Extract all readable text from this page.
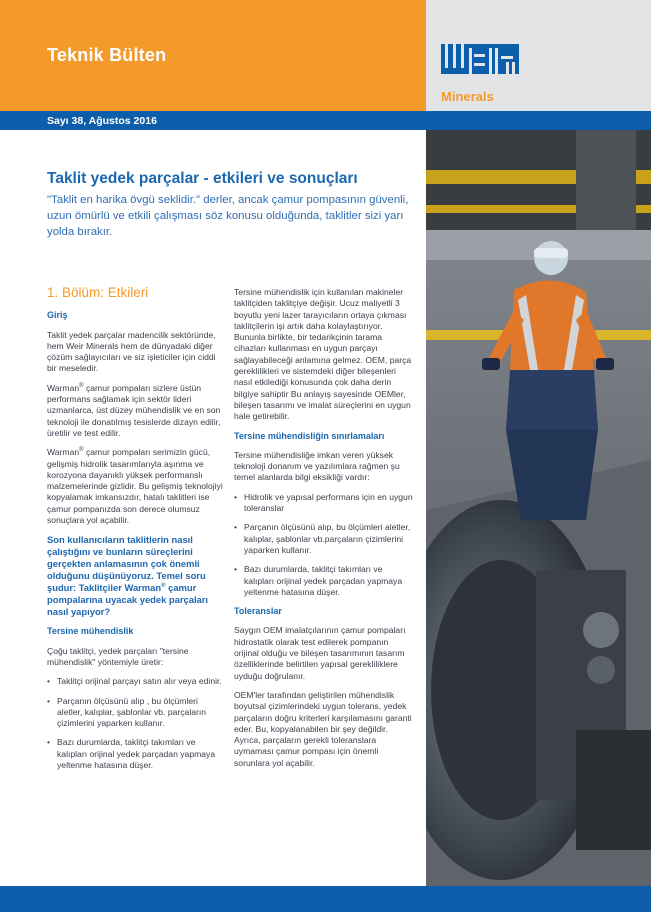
Teknik Bülten
Minerals
Sayı 38, Ağustos 2016
Taklit yedek parçalar - etkileri ve sonuçları
"Taklit en harika övgü seklidir." derler, ancak çamur pompasının güvenli, uzun ömürlü ve etkili çalışması söz konusu olduğunda, taklitler sizi yarı yolda bırakır.
1. Bölüm: Etkileri
Giriş
Taklit yedek parçalar madencilik sektöründe, hem Weir Minerals hem de dünyadaki diğer çözüm sağlayıcıları ve siz işleticiler için ciddi bir meseledir.
Warman® çamur pompaları sizlere üstün performans sağlamak için sektör lideri uzmanlarca, üst düzey mühendislik ve en son teknoloji ile donatılmış tesislerde dizayn edilir, üretilir ve test edilir.
Warman® çamur pompaları serimizin gücü, gelişmiş hidrolik tasarımlarıyla aşınma ve korozyona dayanıklı yüksek performanslı malzemelerinde gizlidir. Bu gelişmiş teknolojiyi kopyalamak imkansızdır, hatalı taklitleri ise çamur pompanızda son derece olumsuz sonuçlara yol açabilir.
Son kullanıcıların taklitlerin nasıl çalıştığını ve bunların süreçlerini gerçekten anlamasının çok önemli olduğunu düşünüyoruz. Temel soru şudur: Taklitçiler Warman® çamur pompalarına uyacak yedek parçaları nasıl yapıyor?
Tersine mühendislik
Çoğu taklitçi, yedek parçaları "tersine mühendislik" yöntemiyle üretir:
• Taklitçi orijinal parçayı satın alır veya edinir.
• Parçanın ölçüsünü alıp , bu ölçümleri aletler, kalıplar, şablonlar vb. parçaların çizimlerini yaparken kullanır.
• Bazı durumlarda, taklitçi takımları ve kalıpları orijinal yedek parçadan yapmaya yeltenme hatasına düşer.
Tersine mühendislik için kullanılan makineler taklitçiden taklitçiye değişir. Ucuz maliyetli 3 boyutlu yeni lazer tarayıcıların ortaya çıkması taklitçilerin işi artık daha kolaylaştırıyor. Bununla birlikte, bir tedarikçinin tarama cihazları kullanması en uygun parçayı sağlayabileceği anlamına gelmez. OEM, parça gereklilikleri ve sistemdeki diğer bileşenleri nasıl etkilediği konusunda çok daha derin bilgiye sahiptir Bu anlayış sayesinde OEMler, bileşen tasarımı ve imalat süreçlerini en uygun hale getirebilir.
Tersine mühendisliğin sınırlamaları
Tersine mühendisliğe imkan veren yüksek teknoloji donanım ve yazılımlara rağmen şu temel alanlarda bilgi eksikliği vardır:
• Hidrolik ve yapısal performans için en uygun toleranslar
• Parçanın ölçüsünü alıp, bu ölçümleri aletler, kalıplar, şablonlar vb.parçaların çizimlerini yaparken kullanır.
• Bazı durumlarda, taklitçi takımları ve kalıpları orijinal yedek parçadan yapmaya yeltenme hatasına düşer.
Toleranslar
Saygın OEM imalatçılarının çamur pompaları hidrostatik olarak test edilerek pompanın orijinal olduğu ve bileşen tasarımının tasarım özelliklerinde belirtilen yapısal gerekliliklere uyduğu doğrulanır.
OEM'ler tarafından geliştirilen mühendislik boyutsal çizimlerindeki uygun tolerans, yedek parçaların doğru kriterleri karşılamasını garanti eder. Bu, kopyalanabilen bir şey değildir. Ayrıca, parçaların gerekli toleranslara uymaması çamur pompası için önemli sorunlara yol açabilir.
